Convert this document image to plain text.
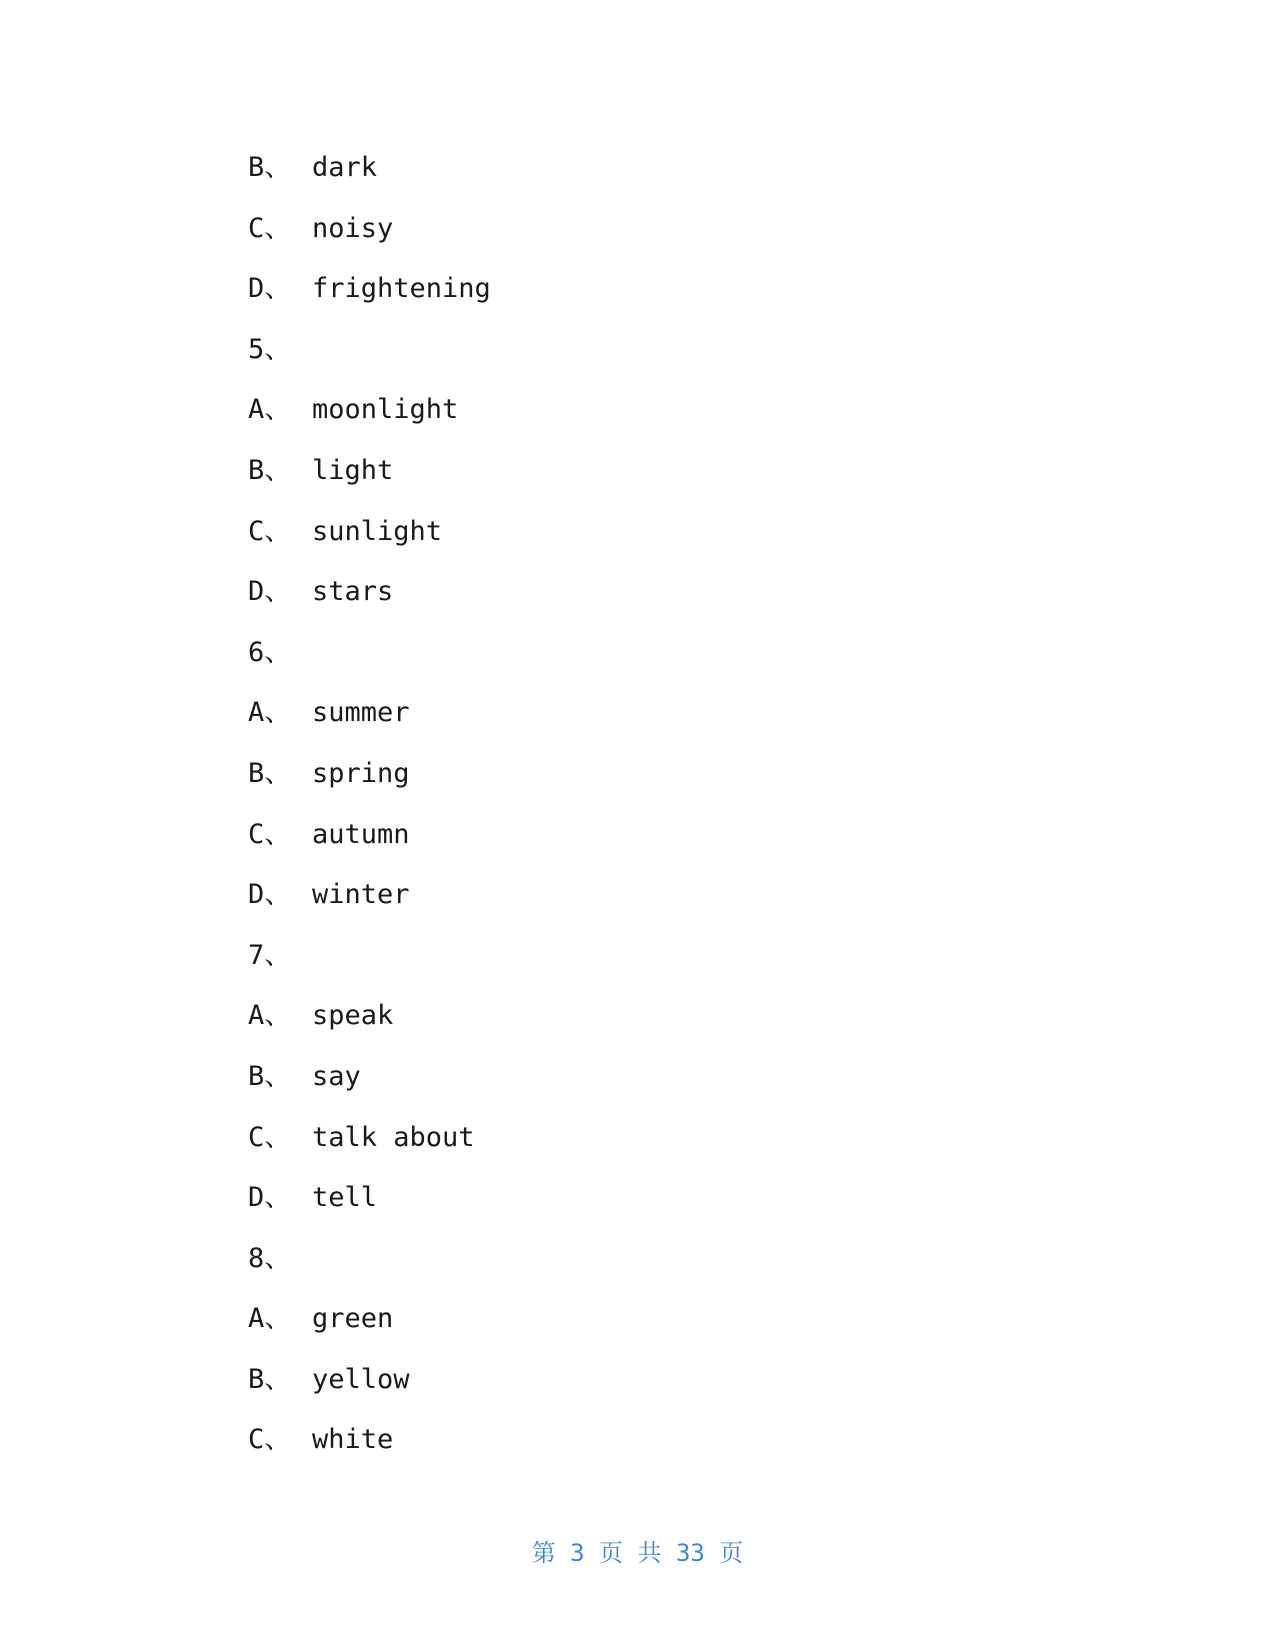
B、 dark
C、 noisy
D、 frightening
5、
A、 moonlight
B、 light
C、 sunlight
D、 stars
6、
A、 summer
B、 spring
C、 autumn
D、 winter
7、
A、 speak
B、 say
C、 talk about
D、 tell
8、
A、 green
B、 yellow
C、 white
第 3 页 共 33 页
